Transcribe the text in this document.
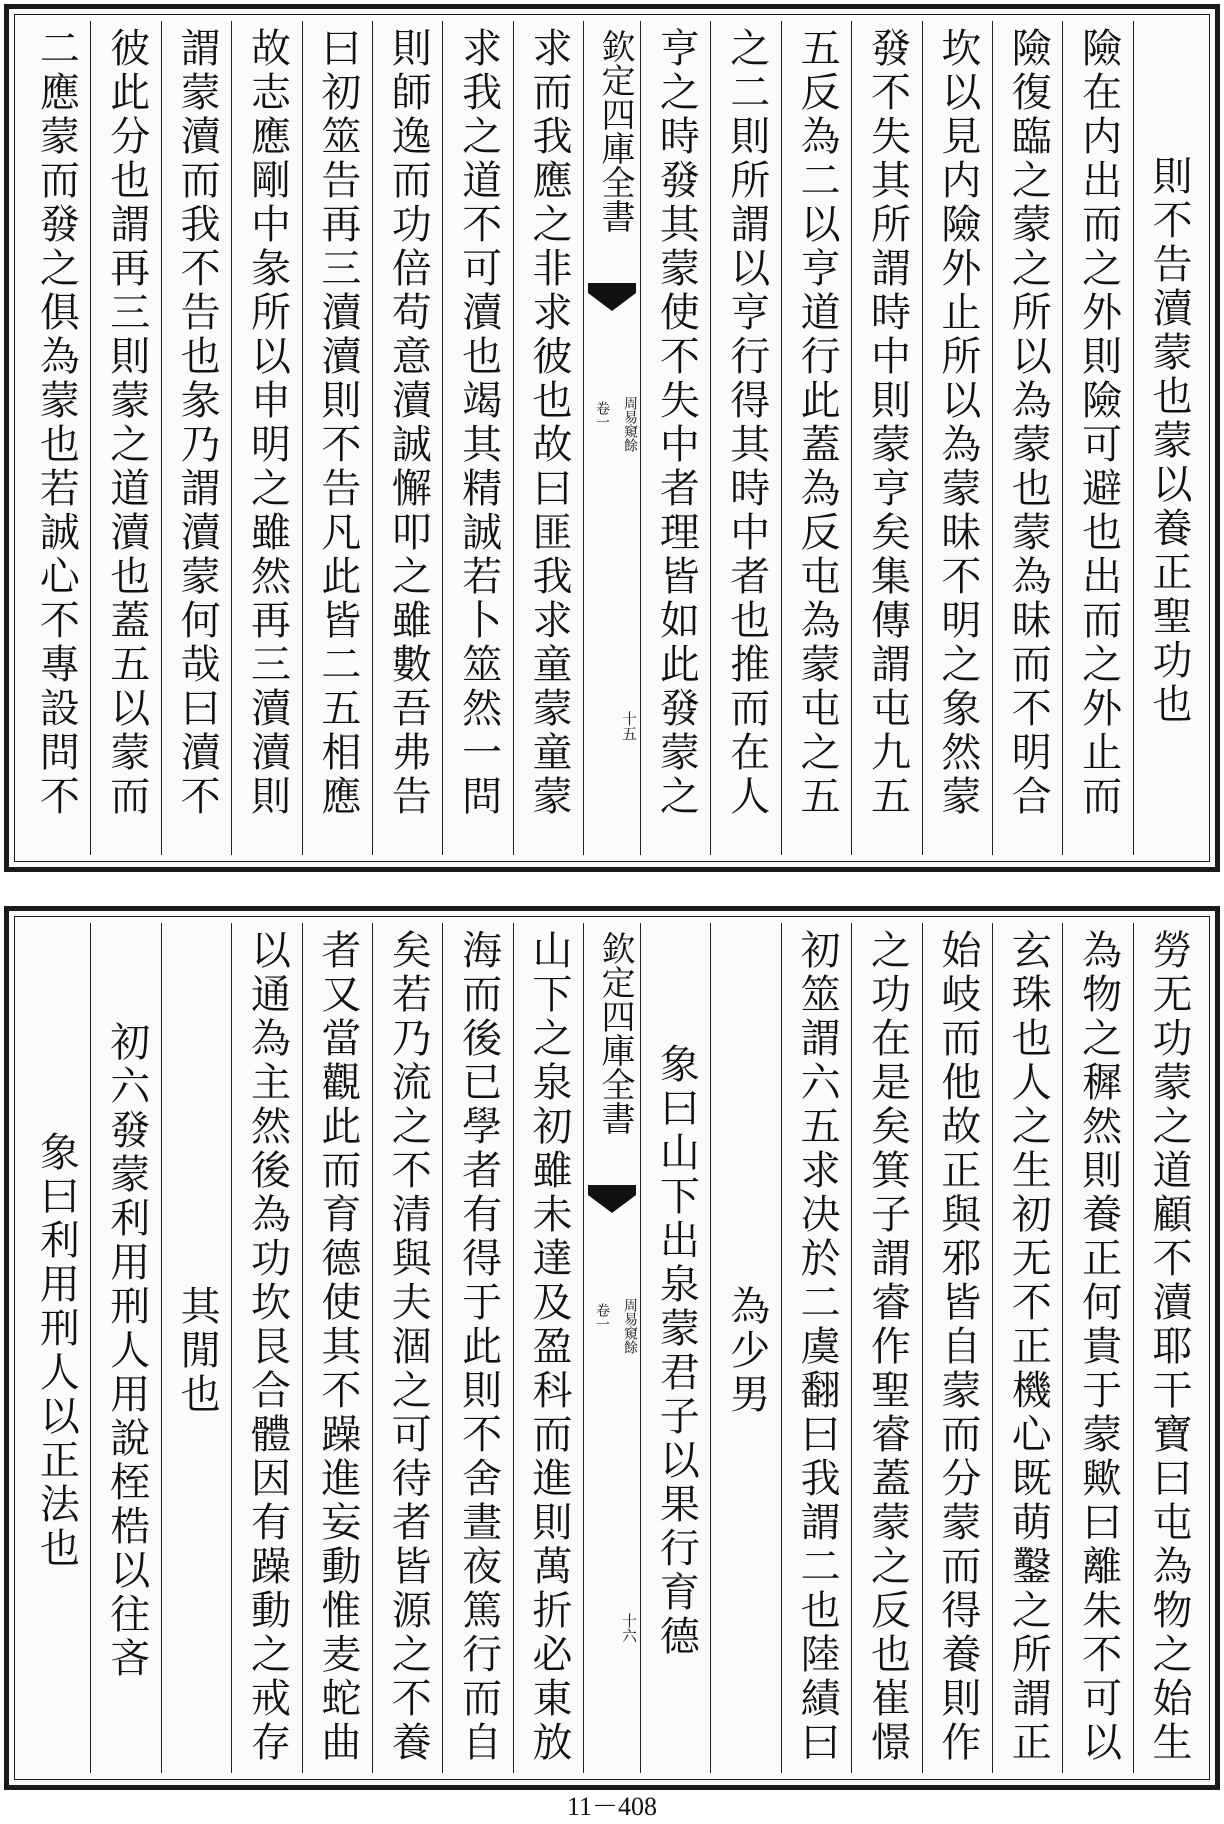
則不告瀆蒙也蒙以養正聖功也
險在内出而之外則險可避也出而之外止而
險復臨之蒙之所以為蒙也蒙為昧而不明合
坎以見内險外止所以為蒙昧不明之象然蒙
發不失其所謂時中則蒙亨矣集傳謂屯九五
五反為二以亨道行此蓋為反屯為蒙屯之五
之二則所謂以亨行得其時中者也推而在人
亨之時發其蒙使不失中者理皆如此發蒙之
欽定四庫全書
卷一 周易窺餘
十五
求而我應之非求彼也故曰匪我求童蒙童蒙
求我之道不可瀆也竭其精誠若卜筮然一問
則師逸而功倍苟意瀆誠懈叩之雖數吾弗告
曰初筮告再三瀆瀆則不告凡此皆二五相應
故志應剛中彖所以申明之雖然再三瀆瀆則
謂蒙瀆而我不告也彖乃謂瀆蒙何哉曰瀆不
彼此分也謂再三則蒙之道瀆也蓋五以蒙而
二應蒙而發之俱為蒙也若誠心不專設問不
勞无功蒙之道顧不瀆耶干寶曰屯為物之始生
為物之穉然則養正何貴于蒙歟曰離朱不可以
玄珠也人之生初无不正機心既萌鑿之所謂正
始岐而他故正與邪皆自蒙而分蒙而得養則作
之功在是矣箕子謂睿作聖睿蓋蒙之反也崔憬
初筮謂六五求决於二虞翻曰我謂二也陸績曰
為少男
象曰山下出泉蒙君子以果行育德
欽定四庫全書
卷一 周易窺餘
十六
山下之泉初雖未達及盈科而進則萬折必東放
海而後已學者有得于此則不舍晝夜篤行而自
矣若乃流之不清與夫涸之可待者皆源之不養
者又當觀此而育德使其不躁進妄動惟麦蛇曲
以通為主然後為功坎艮合體因有躁動之戒存
其閒也
初六發蒙利用刑人用說桎梏以往吝
象曰利用刑人以正法也
11－408
